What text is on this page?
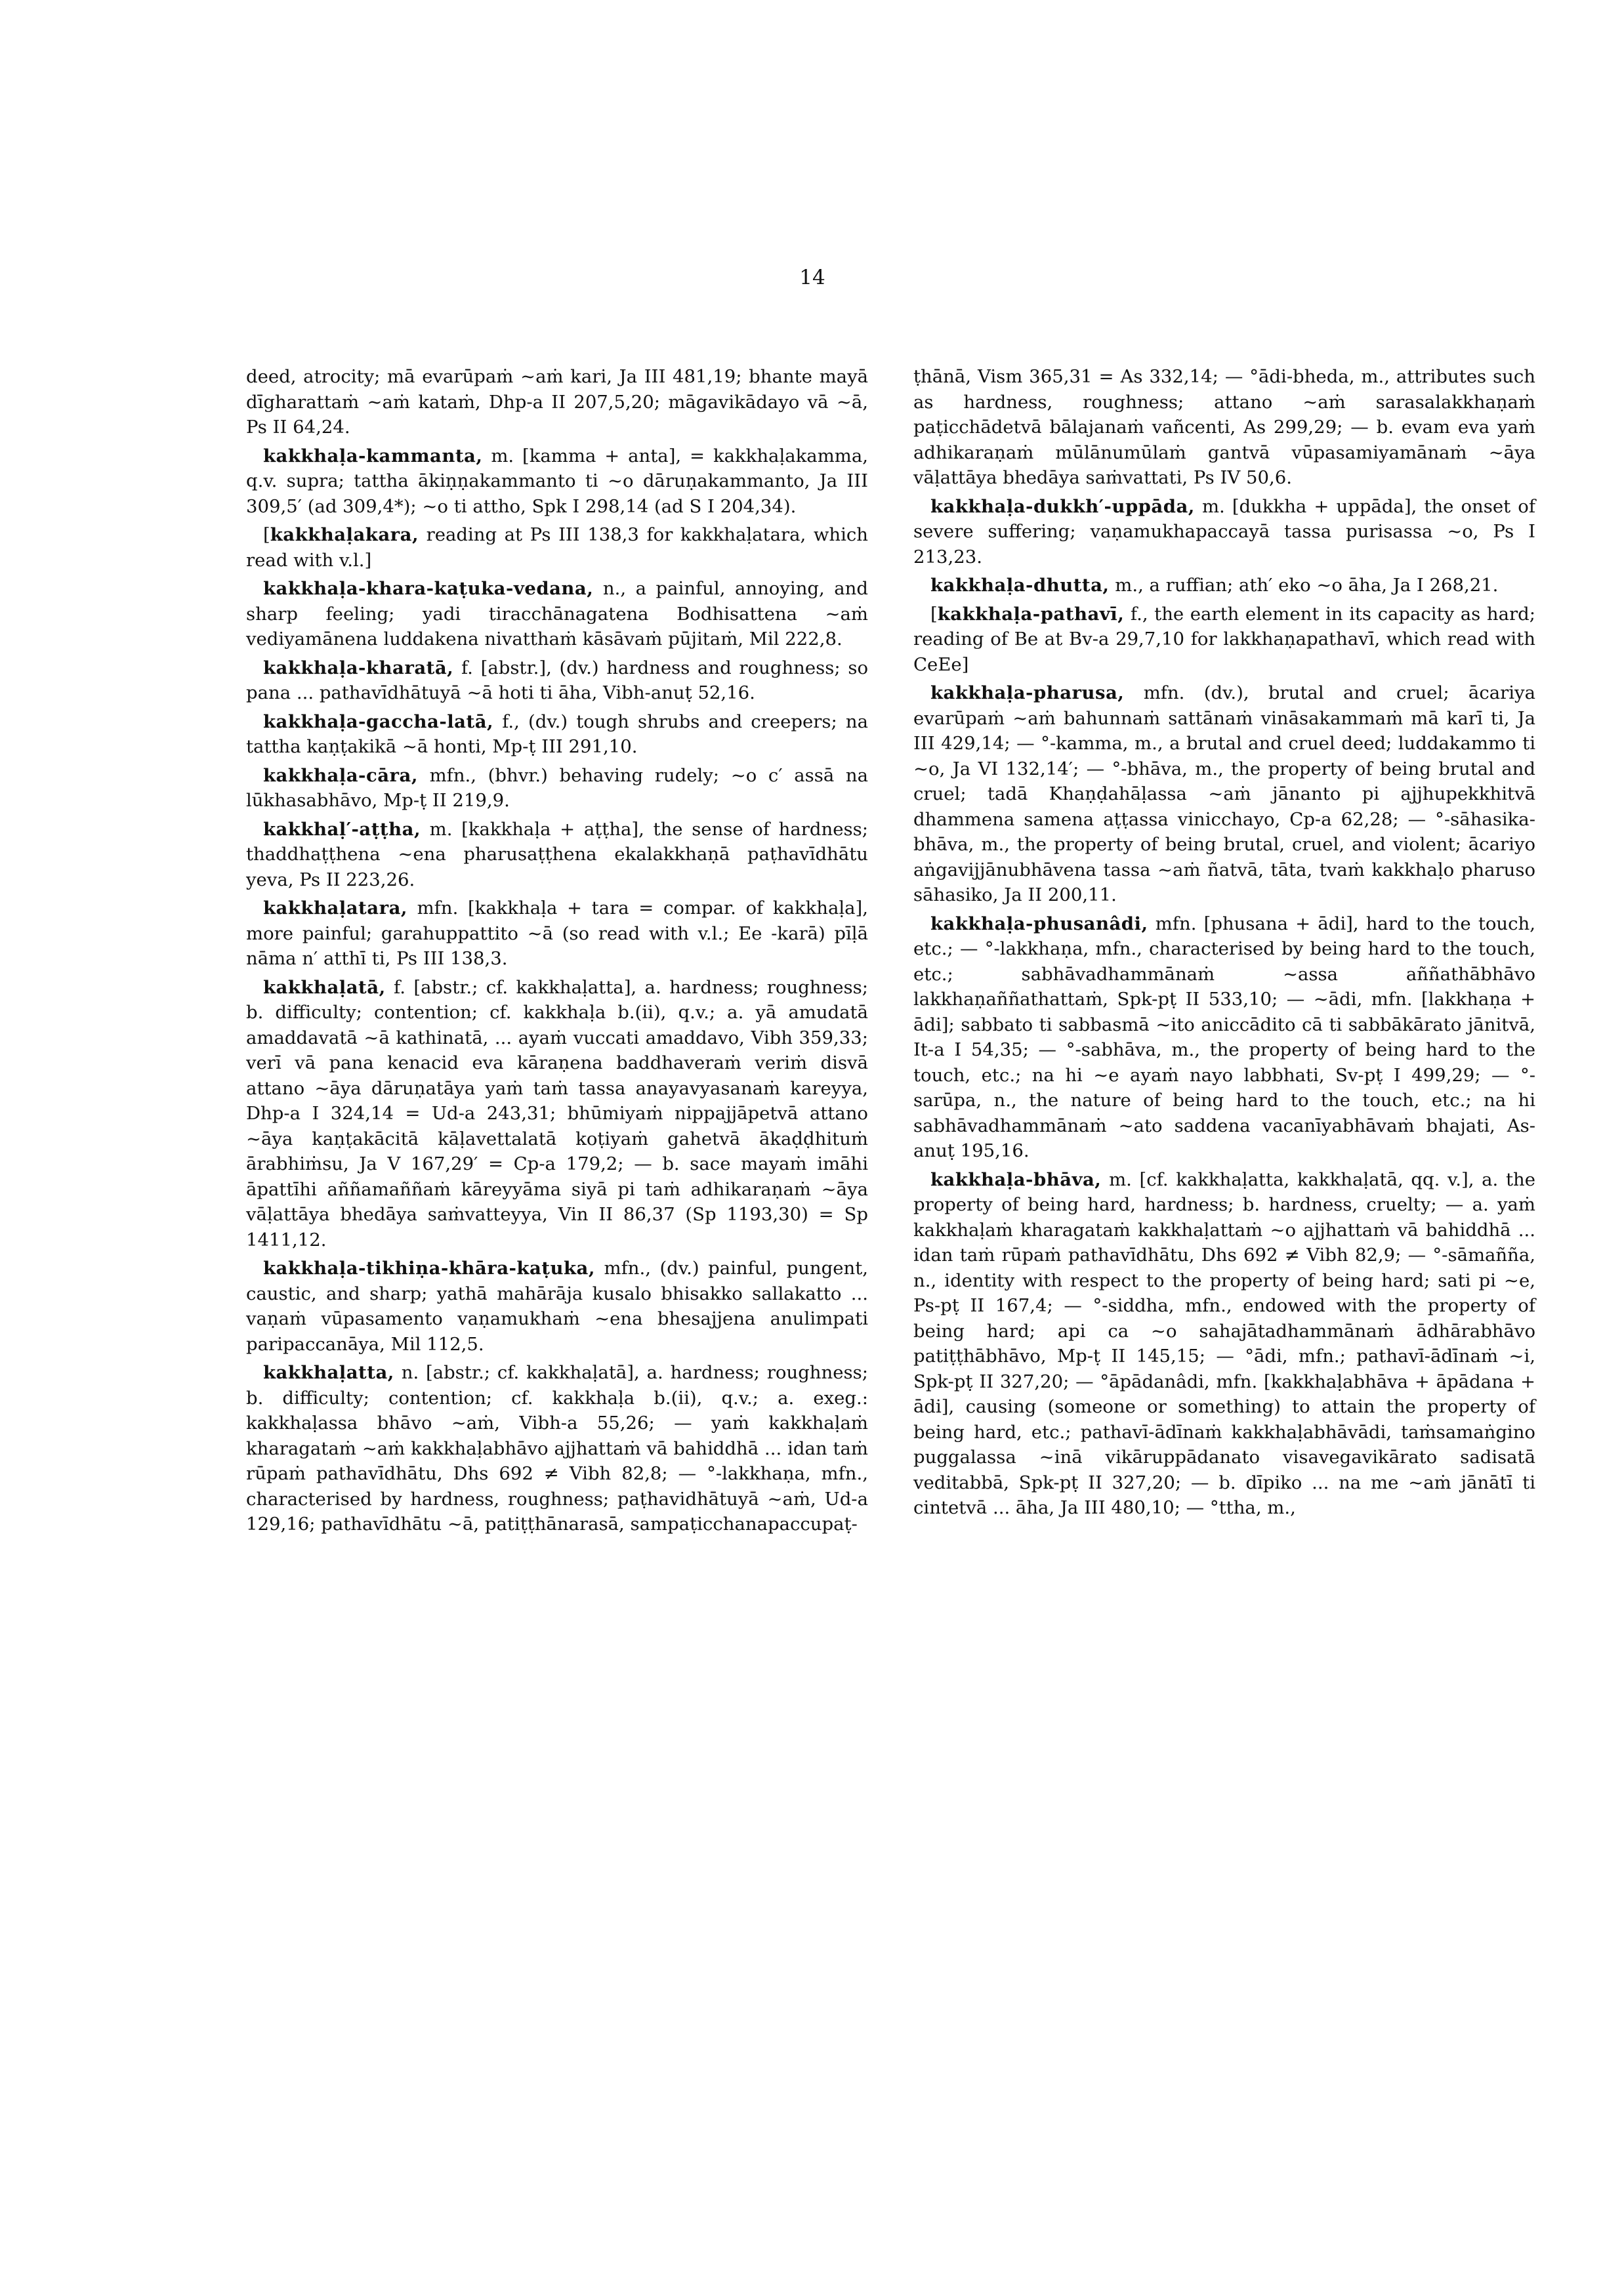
14

deed, atrocity; mā evarūpaṁ ~aṁ kari, Ja III 481,19; bhante mayā dīgharattaṁ ~aṁ kataṁ, Dhp-a II 207,5,20; māgavikādayo vā ~ā, Ps II 64,24.

kakkhaḷa-kammanta, m. [kamma + anta], = kakkhaḷakamma, q.v. supra; tattha ākiṇṇakammanto ti ~o dāruṇakammanto, Ja III 309,5′ (ad 309,4*); ~o ti attho, Spk I 298,14 (ad S I 204,34).

[kakkhaḷakara, reading at Ps III 138,3 for kakkhaḷatara, which read with v.l.]

kakkhaḷa-khara-kaṭuka-vedana, n., a painful, annoying, and sharp feeling; yadi tiracchānagatena Bodhisattena ~aṁ vediyamānena luddakena nivatthaṁ kāsāvaṁ pūjitaṁ, Mil 222,8.

kakkhaḷa-kharatā, f. [abstr.], (dv.) hardness and roughness; so pana ... pathavīdhātuyā ~ā hoti ti āha, Vibh-anuṭ 52,16.

kakkhaḷa-gaccha-latā, f., (dv.) tough shrubs and creepers; na tattha kaṇṭakikā ~ā honti, Mp-ṭ III 291,10.

kakkhaḷa-cāra, mfn., (bhvr.) behaving rudely; ~o c′ assā na lūkhasabhāvo, Mp-ṭ II 219,9.

kakkhaḷ′-aṭṭha, m. [kakkhaḷa + aṭṭha], the sense of hardness; thaddhaṭṭhena ~ena pharusaṭṭhena ekalakkhaṇā paṭhavīdhātu yeva, Ps II 223,26.

kakkhaḷatara, mfn. [kakkhaḷa + tara = compar. of kakkhaḷa], more painful; garahuppattito ~ā (so read with v.l.; Ee -karā) pīḷā nāma n′ atthī ti, Ps III 138,3.

kakkhaḷatā, f. [abstr.; cf. kakkhaḷatta], a. hardness; roughness; b. difficulty; contention; cf. kakkhaḷa b.(ii), q.v.; a. yā amudatā amaddavatā ~ā kathinatā, ... ayaṁ vuccati amaddavo, Vibh 359,33; verī vā pana kenacid eva kāraṇena baddhaveraṁ veriṁ disvā attano ~āya dāruṇatāya yaṁ taṁ tassa anayavyasanaṁ kareyya, Dhp-a I 324,14 = Ud-a 243,31; bhūmiyaṁ nippajjāpetvā attano ~āya kaṇṭakācitā kāḷavettalatā koṭiyaṁ gahetvā ākaḍḍhituṁ ārabhiṁsu, Ja V 167,29′ = Cp-a 179,2; — b. sace mayaṁ imāhi āpattīhi aññamaññaṁ kāreyyāma siyā pi taṁ adhikaraṇaṁ ~āya vāḷattāya bhedāya saṁvatteyya, Vin II 86,37 (Sp 1193,30) = Sp 1411,12.

kakkhaḷa-tikhiṇa-khāra-kaṭuka, mfn., (dv.) painful, pungent, caustic, and sharp; yathā mahārāja kusalo bhisakko sallakatto ... vaṇaṁ vūpasamento vaṇamukhaṁ ~ena bhesajjena anulimpati paripaccanāya, Mil 112,5.

kakkhaḷatta, n. [abstr.; cf. kakkhaḷatā], a. hardness; roughness; b. difficulty; contention; cf. kakkhaḷa b.(ii), q.v.; a. exeg.: kakkhaḷassa bhāvo ~aṁ, Vibh-a 55,26; — yaṁ kakkhaḷaṁ kharagataṁ ~aṁ kakkhaḷabhāvo ajjhattaṁ vā bahiddhā ... idan taṁ rūpaṁ pathavīdhātu, Dhs 692 ≠ Vibh 82,8; — °-lakkhaṇa, mfn., characterised by hardness, roughness; paṭhavidhātuyā ~aṁ, Ud-a 129,16; pathavīdhātu ~ā, patiṭṭhānarasā, sampaṭicchanapaccupaṭ-

ṭhānā, Vism 365,31 = As 332,14; — °ādi-bheda, m., attributes such as hardness, roughness; attano ~aṁ sarasalakkhaṇaṁ paṭicchādetvā bālajanaṁ vañcenti, As 299,29; — b. evam eva yaṁ adhikaraṇaṁ mūlānumūlaṁ gantvā vūpasamiyamānaṁ ~āya vāḷattāya bhedāya saṁvattati, Ps IV 50,6.

kakkhaḷa-dukkh′-uppāda, m. [dukkha + uppāda], the onset of severe suffering; vaṇamukhapaccayā tassa purisassa ~o, Ps I 213,23.

kakkhaḷa-dhutta, m., a ruffian; ath′ eko ~o āha, Ja I 268,21.

[kakkhaḷa-pathavī, f., the earth element in its capacity as hard; reading of Be at Bv-a 29,7,10 for lakkhaṇapathavī, which read with CeEe]

kakkhaḷa-pharusa, mfn. (dv.), brutal and cruel; ācariya evarūpaṁ ~aṁ bahunnaṁ sattānaṁ vināsakammaṁ mā karī ti, Ja III 429,14; — °-kamma, m., a brutal and cruel deed; luddakammo ti ~o, Ja VI 132,14′; — °-bhāva, m., the property of being brutal and cruel; tadā Khaṇḍahāḷassa ~aṁ jānanto pi ajjhupekkhitvā dhammena samena aṭṭassa vinicchayo, Cp-a 62,28; — °-sāhasika-bhāva, m., the property of being brutal, cruel, and violent; ācariyo aṅgavijjānubhāvena tassa ~aṁ ñatvā, tāta, tvaṁ kakkhaḷo pharuso sāhasiko, Ja II 200,11.

kakkhaḷa-phusanâdi, mfn. [phusana + ādi], hard to the touch, etc.; — °-lakkhaṇa, mfn., characterised by being hard to the touch, etc.; sabhāvadhammānaṁ ~assa aññathābhāvo lakkhaṇaññathattaṁ, Spk-pṭ II 533,10; — ~ādi, mfn. [lakkhaṇa + ādi]; sabbato ti sabbasmā ~ito aniccādito cā ti sabbākārato jānitvā, It-a I 54,35; — °-sabhāva, m., the property of being hard to the touch, etc.; na hi ~e ayaṁ nayo labbhati, Sv-pṭ I 499,29; — °-sarūpa, n., the nature of being hard to the touch, etc.; na hi sabhāvadhammānaṁ ~ato saddena vacanīyabhāvaṁ bhajati, As-anuṭ 195,16.

kakkhaḷa-bhāva, m. [cf. kakkhaḷatta, kakkhaḷatā, qq. v.], a. the property of being hard, hardness; b. hardness, cruelty; — a. yaṁ kakkhaḷaṁ kharagataṁ kakkhaḷattaṁ ~o ajjhattaṁ vā bahiddhā ... idan taṁ rūpaṁ pathavīdhātu, Dhs 692 ≠ Vibh 82,9; — °-sāmañña, n., identity with respect to the property of being hard; sati pi ~e, Ps-pṭ II 167,4; — °-siddha, mfn., endowed with the property of being hard; api ca ~o sahajātadhammānaṁ ādhārabhāvo patiṭṭhābhāvo, Mp-ṭ II 145,15; — °ādi, mfn.; pathavī-ādīnaṁ ~i, Spk-pṭ II 327,20; — °āpādanâdi, mfn. [kakkhaḷabhāva + āpādana + ādi], causing (someone or something) to attain the property of being hard, etc.; pathavī-ādīnaṁ kakkhaḷabhāvādi, taṁsamaṅgino puggalassa ~inā vikāruppādanato visavegavikārato sadisatā veditabbā, Spk-pṭ II 327,20; — b. dīpiko ... na me ~aṁ jānātī ti cintetvā ... āha, Ja III 480,10; — °ttha, m.,
